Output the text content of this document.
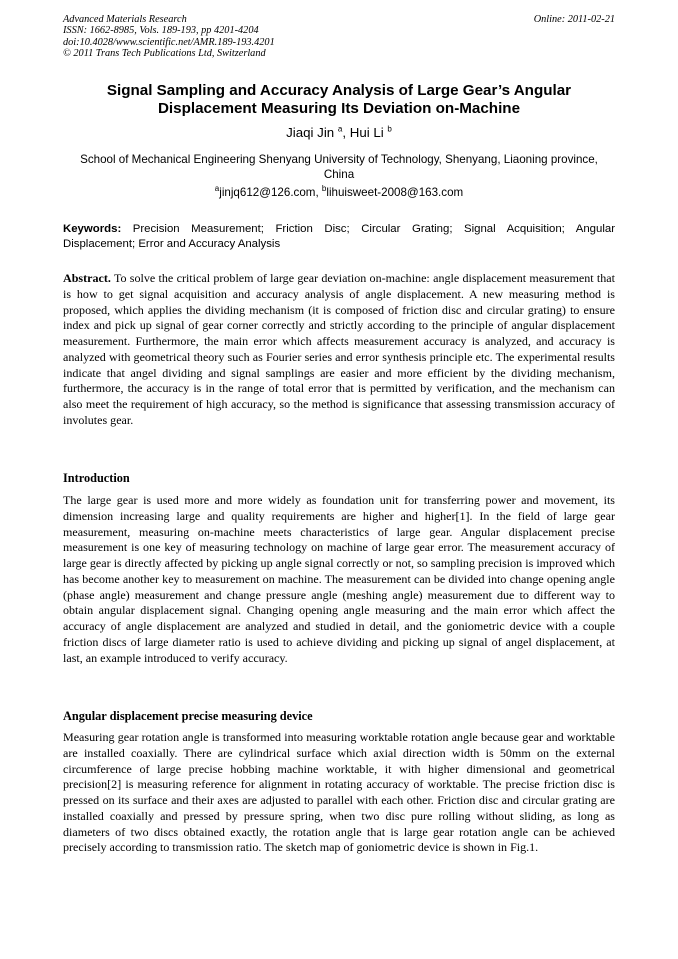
Advanced Materials Research
ISSN: 1662-8985, Vols. 189-193, pp 4201-4204
doi:10.4028/www.scientific.net/AMR.189-193.4201
© 2011 Trans Tech Publications Ltd, Switzerland
Online: 2011-02-21
Signal Sampling and Accuracy Analysis of Large Gear’s Angular
Displacement Measuring Its Deviation on-Machine
Jiaqi Jin $^a$, Hui Li $^b$
School of Mechanical Engineering Shenyang University of Technology, Shenyang, Liaoning province, China
$^a$jinjq612@126.com, $^b$lihuisweet-2008@163.com
Keywords: Precision Measurement; Friction Disc; Circular Grating; Signal Acquisition; Angular Displacement; Error and Accuracy Analysis
Abstract. To solve the critical problem of large gear deviation on-machine: angle displacement measurement that is how to get signal acquisition and accuracy analysis of angle displacement. A new measuring method is proposed, which applies the dividing mechanism (it is composed of friction disc and circular grating) to ensure index and pick up signal of gear corner correctly and strictly according to the principle of angular displacement measurement. Furthermore, the main error which affects measurement accuracy is analyzed, and accuracy is analyzed with geometrical theory such as Fourier series and error synthesis principle etc. The experimental results indicate that angel dividing and signal samplings are easier and more efficient by the dividing mechanism, furthermore, the accuracy is in the range of total error that is permitted by verification, and the mechanism can also meet the requirement of high accuracy, so the method is significance that assessing transmission accuracy of involutes gear.
Introduction
The large gear is used more and more widely as foundation unit for transferring power and movement, its dimension increasing large and quality requirements are higher and higher[1]. In the field of large gear measurement, measuring on-machine meets characteristics of large gear. Angular displacement precise measurement is one key of measuring technology on machine of large gear error. The measurement accuracy of large gear is directly affected by picking up angle signal correctly or not, so sampling precision is improved which has become another key to measurement on machine. The measurement can be divided into change opening angle (phase angle) measurement and change pressure angle (meshing angle) measurement due to different way to obtain angular displacement signal. Changing opening angle measuring and the main error which affect the accuracy of angle displacement are analyzed and studied in detail, and the goniometric device with a couple friction discs of large diameter ratio is used to achieve dividing and picking up signal of angel displacement, at last, an example introduced to verify accuracy.
Angular displacement precise measuring device
Measuring gear rotation angle is transformed into measuring worktable rotation angle because gear and worktable are installed coaxially. There are cylindrical surface which axial direction width is 50mm on the external circumference of large precise hobbing machine worktable, it with higher dimensional and geometrical precision[2] is measuring reference for alignment in rotating accuracy of worktable. The precise friction disc is pressed on its surface and their axes are adjusted to parallel with each other. Friction disc and circular grating are installed coaxially and pressed by pressure spring, when two disc pure rolling without sliding, as long as diameters of two discs obtained exactly, the rotation angle that is large gear rotation angle can be achieved precisely according to transmission ratio. The sketch map of goniometric device is shown in Fig.1.
